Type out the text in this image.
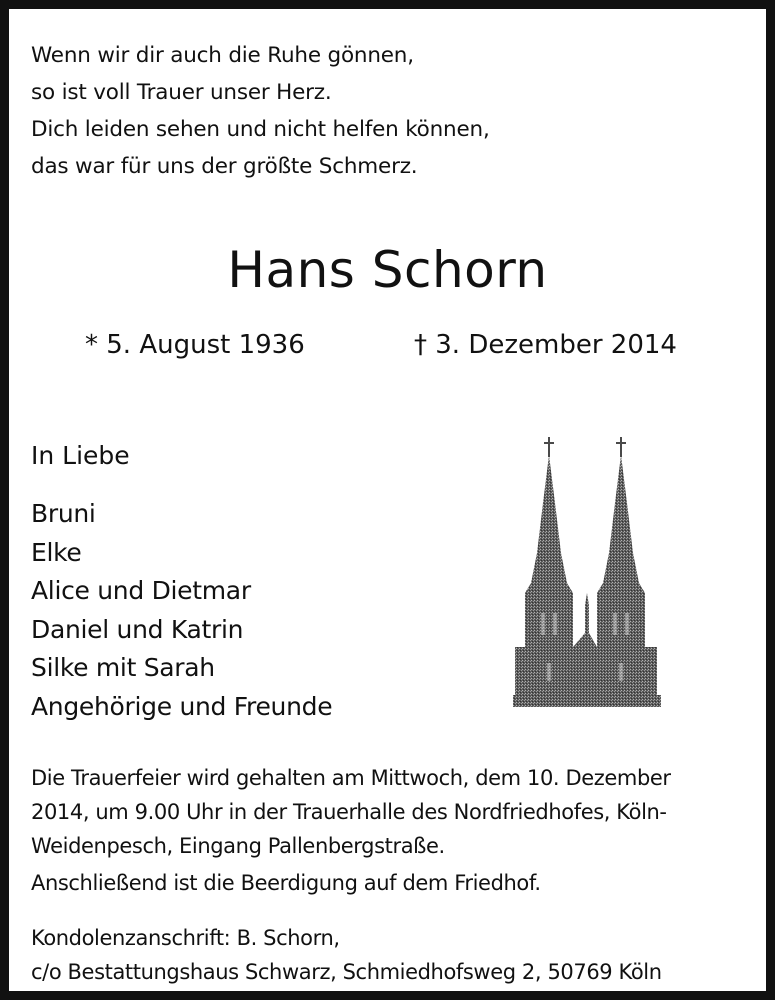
Wenn wir dir auch die Ruhe gönnen,
so ist voll Trauer unser Herz.
Dich leiden sehen und nicht helfen können,
das war für uns der größte Schmerz.
Hans Schorn
* 5. August 1936	† 3. Dezember 2014
In Liebe
Bruni
Elke
Alice und Dietmar
Daniel und Katrin
Silke mit Sarah
Angehörige und Freunde
Die Trauerfeier wird gehalten am Mittwoch, dem 10. Dezember
2014, um 9.00 Uhr in der Trauerhalle des Nordfriedhofes, Köln-
Weidenpesch, Eingang Pallenbergstraße.
Anschließend ist die Beerdigung auf dem Friedhof.
Kondolenzanschrift: B. Schorn,
c/o Bestattungshaus Schwarz, Schmiedhofsweg 2, 50769 Köln
